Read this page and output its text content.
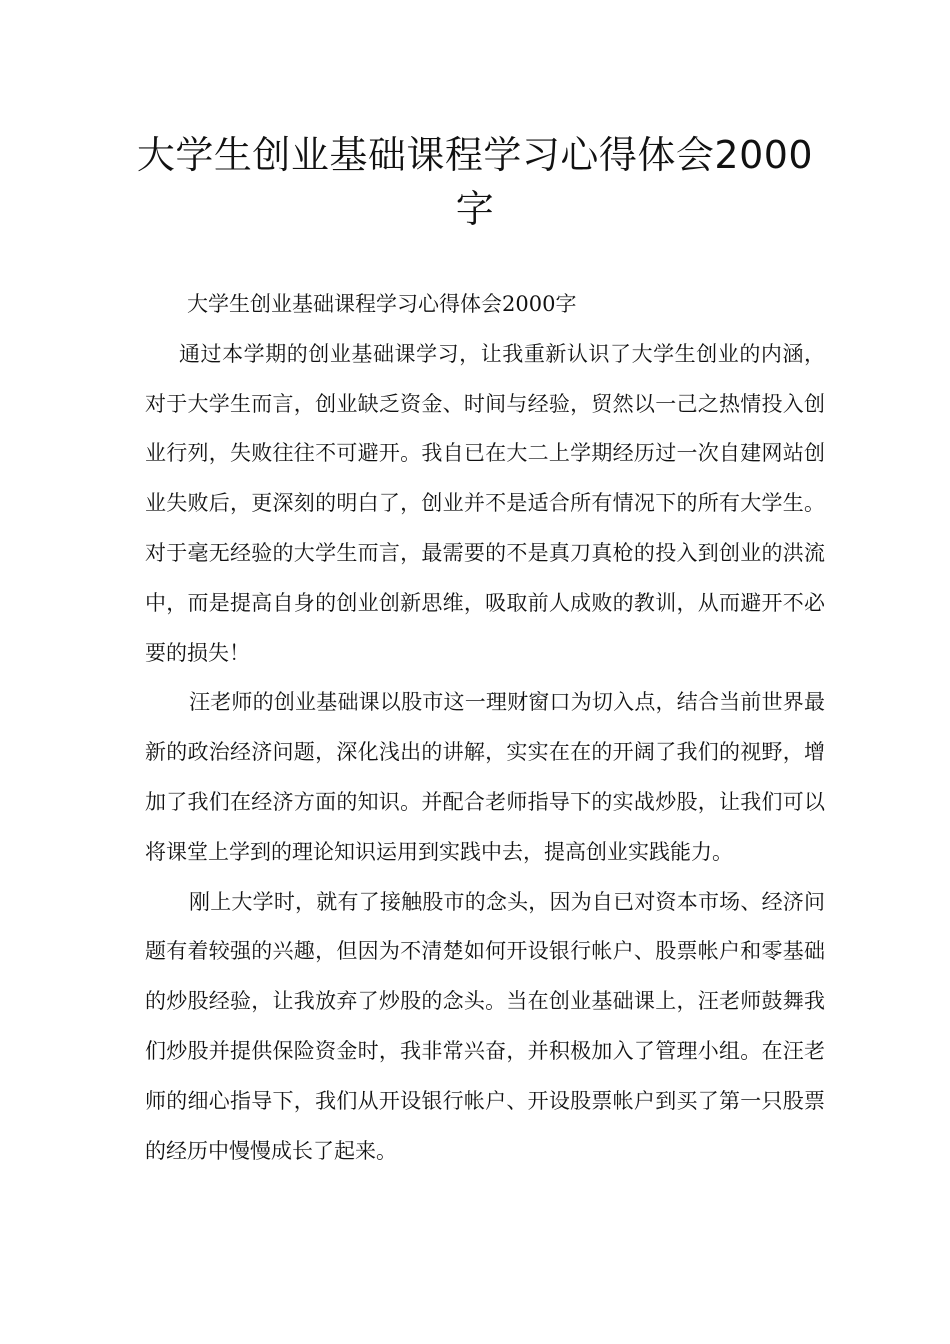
大学生创业基础课程学习心得体会2000字

大学生创业基础课程学习心得体会2000字

通过本学期的创业基础课学习，让我重新认识了大学生创业的内涵，对于大学生而言，创业缺乏资金、时间与经验，贸然以一己之热情投入创业行列，失败往往不可避开。我自已在大二上学期经历过一次自建网站创业失败后，更深刻的明白了，创业并不是适合所有情况下的所有大学生。对于毫无经验的大学生而言，最需要的不是真刀真枪的投入到创业的洪流中，而是提高自身的创业创新思维，吸取前人成败的教训，从而避开不必要的损失！

汪老师的创业基础课以股市这一理财窗口为切入点，结合当前世界最新的政治经济问题，深化浅出的讲解，实实在在的开阔了我们的视野，增加了我们在经济方面的知识。并配合老师指导下的实战炒股，让我们可以将课堂上学到的理论知识运用到实践中去，提高创业实践能力。

刚上大学时，就有了接触股市的念头，因为自已对资本市场、经济问题有着较强的兴趣，但因为不清楚如何开设银行帐户、股票帐户和零基础的炒股经验，让我放弃了炒股的念头。当在创业基础课上，汪老师鼓舞我们炒股并提供保险资金时，我非常兴奋，并积极加入了管理小组。在汪老师的细心指导下，我们从开设银行帐户、开设股票帐户到买了第一只股票的经历中慢慢成长了起来。
